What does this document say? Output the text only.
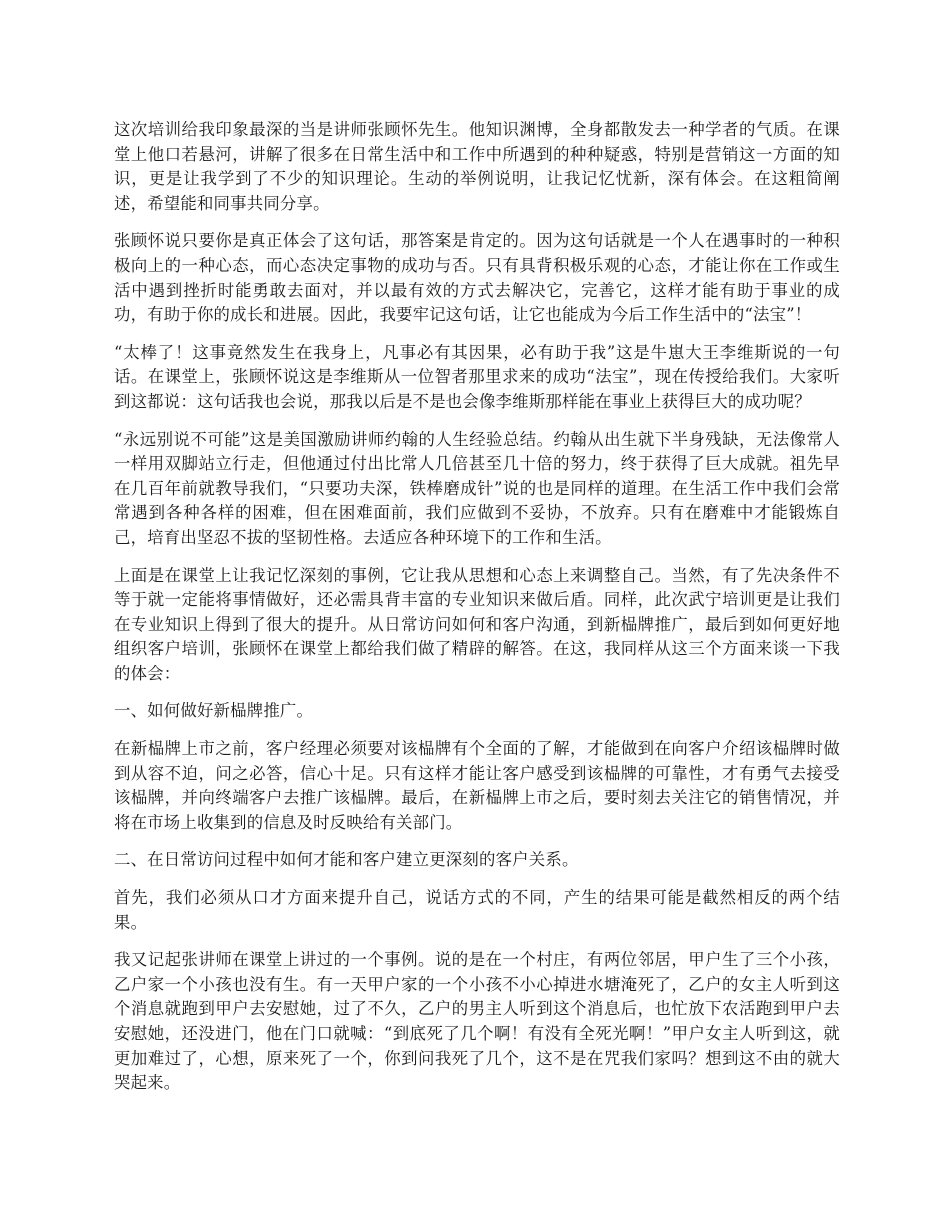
这次培训给我印象最深的当是讲师张顾怀先生。他知识渊博，全身都散发去一种学者的气质。在课堂上他口若悬河，讲解了很多在日常生活中和工作中所遇到的种种疑惑，特别是营销这一方面的知识，更是让我学到了不少的知识理论。生动的举例说明，让我记忆忧新，深有体会。在这粗简阐述，希望能和同事共同分享。

张顾怀说只要你是真正体会了这句话，那答案是肯定的。因为这句话就是一个人在遇事时的一种积极向上的一种心态，而心态决定事物的成功与否。只有具背积极乐观的心态，才能让你在工作或生活中遇到挫折时能勇敢去面对，并以最有效的方式去解决它，完善它，这样才能有助于事业的成功，有助于你的成长和进展。因此，我要牢记这句话，让它也能成为今后工作生活中的“法宝”！

“太棒了！这事竟然发生在我身上，凡事必有其因果，必有助于我”这是牛崽大王李维斯说的一句话。在课堂上，张顾怀说这是李维斯从一位智者那里求来的成功“法宝”，现在传授给我们。大家听到这都说：这句话我也会说，那我以后是不是也会像李维斯那样能在事业上获得巨大的成功呢？

“永远别说不可能”这是美国激励讲师约翰的人生经验总结。约翰从出生就下半身残缺，无法像常人一样用双脚站立行走，但他通过付出比常人几倍甚至几十倍的努力，终于获得了巨大成就。祖先早在几百年前就教导我们，“只要功夫深，铁棒磨成针”说的也是同样的道理。在生活工作中我们会常常遇到各种各样的困难，但在困难面前，我们应做到不妥协，不放弃。只有在磨难中才能锻炼自己，培育出坚忍不拔的坚韧性格。去适应各种环境下的工作和生活。

上面是在课堂上让我记忆深刻的事例，它让我从思想和心态上来调整自己。当然，有了先决条件不等于就一定能将事情做好，还必需具背丰富的专业知识来做后盾。同样，此次武宁培训更是让我们在专业知识上得到了很大的提升。从日常访问如何和客户沟通，到新榀牌推广，最后到如何更好地组织客户培训，张顾怀在课堂上都给我们做了精辟的解答。在这，我同样从这三个方面来谈一下我的体会：

一、如何做好新榀牌推广。

在新榀牌上市之前，客户经理必须要对该榀牌有个全面的了解，才能做到在向客户介绍该榀牌时做到从容不迫，问之必答，信心十足。只有这样才能让客户感受到该榀牌的可靠性，才有勇气去接受该榀牌，并向终端客户去推广该榀牌。最后，在新榀牌上市之后，要时刻去关注它的销售情况，并将在市场上收集到的信息及时反映给有关部门。

二、在日常访问过程中如何才能和客户建立更深刻的客户关系。

首先，我们必须从口才方面来提升自己，说话方式的不同，产生的结果可能是截然相反的两个结果。

我又记起张讲师在课堂上讲过的一个事例。说的是在一个村庄，有两位邻居，甲户生了三个小孩，乙户家一个小孩也没有生。有一天甲户家的一个小孩不小心掉进水塘淹死了，乙户的女主人听到这个消息就跑到甲户去安慰她，过了不久，乙户的男主人听到这个消息后，也忙放下农活跑到甲户去安慰她，还没进门，他在门口就喊：“到底死了几个啊！有没有全死光啊！”甲户女主人听到这，就更加难过了，心想，原来死了一个，你到问我死了几个，这不是在咒我们家吗？想到这不由的就大哭起来。
